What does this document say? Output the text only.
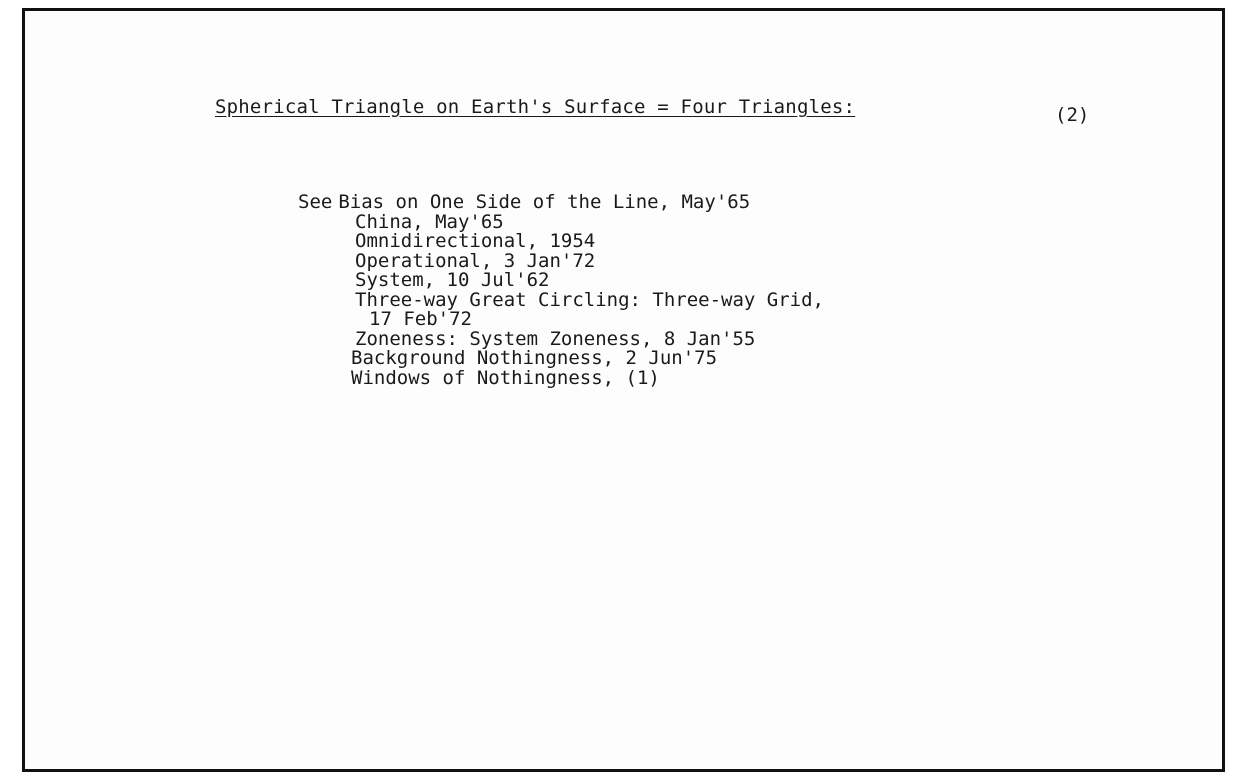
Spherical Triangle on Earth's Surface = Four Triangles:	(2)
See Bias on One Side of the Line, May'65
China, May'65
Omnidirectional, 1954
Operational, 3 Jan'72
System, 10 Jul'62
Three-way Great Circling: Three-way Grid,
17 Feb'72
Zoneness: System Zoneness, 8 Jan'55
Background Nothingness, 2 Jun'75
Windows of Nothingness, (1)
